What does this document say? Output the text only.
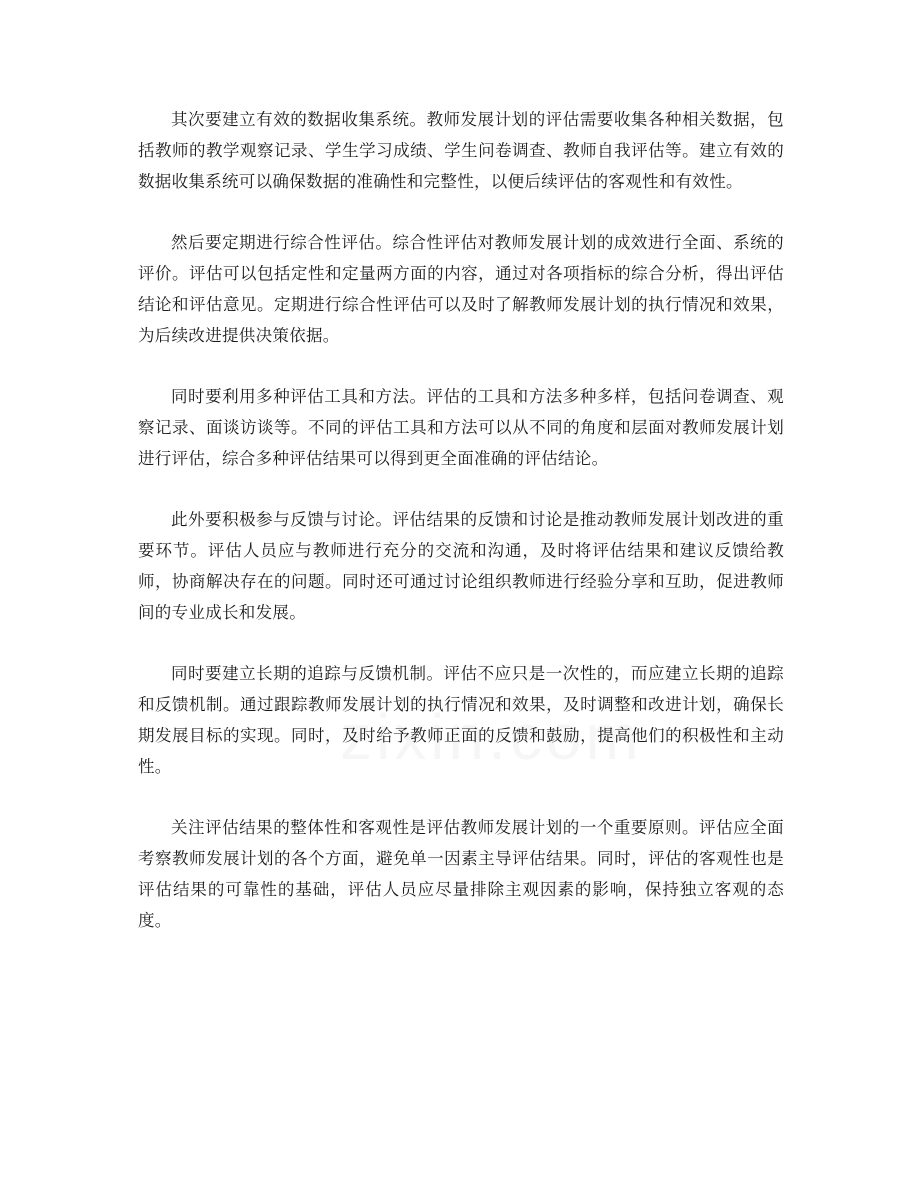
其次要建立有效的数据收集系统。教师发展计划的评估需要收集各种相关数据，包括教师的教学观察记录、学生学习成绩、学生问卷调查、教师自我评估等。建立有效的数据收集系统可以确保数据的准确性和完整性，以便后续评估的客观性和有效性。

然后要定期进行综合性评估。综合性评估对教师发展计划的成效进行全面、系统的评价。评估可以包括定性和定量两方面的内容，通过对各项指标的综合分析，得出评估结论和评估意见。定期进行综合性评估可以及时了解教师发展计划的执行情况和效果，为后续改进提供决策依据。

同时要利用多种评估工具和方法。评估的工具和方法多种多样，包括问卷调查、观察记录、面谈访谈等。不同的评估工具和方法可以从不同的角度和层面对教师发展计划进行评估，综合多种评估结果可以得到更全面准确的评估结论。

此外要积极参与反馈与讨论。评估结果的反馈和讨论是推动教师发展计划改进的重要环节。评估人员应与教师进行充分的交流和沟通，及时将评估结果和建议反馈给教师，协商解决存在的问题。同时还可通过讨论组织教师进行经验分享和互助，促进教师间的专业成长和发展。

同时要建立长期的追踪与反馈机制。评估不应只是一次性的，而应建立长期的追踪和反馈机制。通过跟踪教师发展计划的执行情况和效果，及时调整和改进计划，确保长期发展目标的实现。同时，及时给予教师正面的反馈和鼓励，提高他们的积极性和主动性。

关注评估结果的整体性和客观性是评估教师发展计划的一个重要原则。评估应全面考察教师发展计划的各个方面，避免单一因素主导评估结果。同时，评估的客观性也是评估结果的可靠性的基础，评估人员应尽量排除主观因素的影响，保持独立客观的态度。
